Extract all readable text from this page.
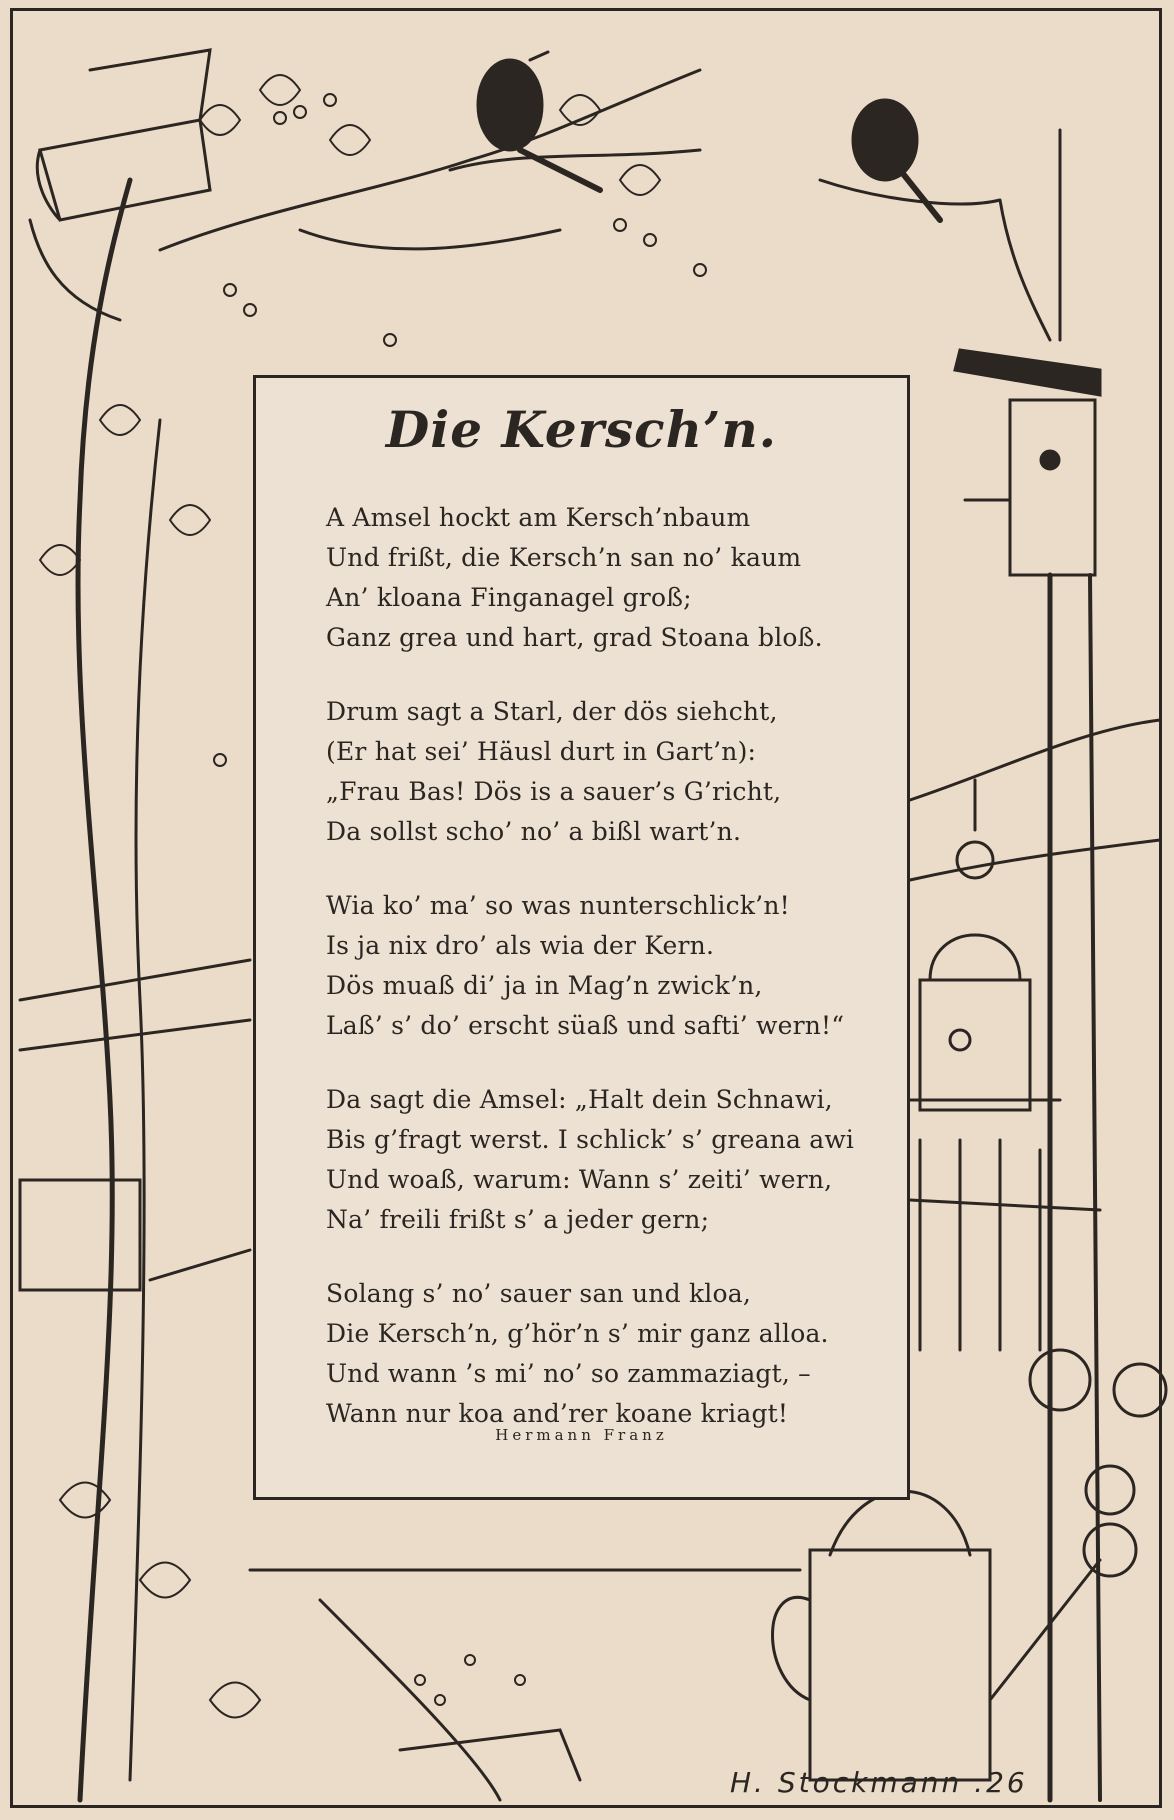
Die Kersch’n.
A Amsel hockt am Kersch’nbaum
Und frißt, die Kersch’n san no’ kaum
An’ kloana Finganagel groß;
Ganz grea und hart, grad Stoana bloß.
Drum sagt a Starl, der dös siehcht,
(Er hat sei’ Häusl durt in Gart’n):
„Frau Bas! Dös is a sauer’s G’richt,
Da sollst scho’ no’ a bißl wart’n.
Wia ko’ ma’ so was nunterschlick’n!
Is ja nix dro’ als wia der Kern.
Dös muaß di’ ja in Mag’n zwick’n,
Laß’ s’ do’ erscht süaß und safti’ wern!“
Da sagt die Amsel: „Halt dein Schnawi,
Bis g’fragt werst. I schlick’ s’ greana awi
Und woaß, warum: Wann s’ zeiti’ wern,
Na’ freili frißt s’ a jeder gern;
Solang s’ no’ sauer san und kloa,
Die Kersch’n, g’hör’n s’ mir ganz alloa.
Und wann ’s mi’ no’ so zammaziagt, –
Wann nur koa and’rer koane kriagt!
Hermann Franz
H. Stockmann .26
